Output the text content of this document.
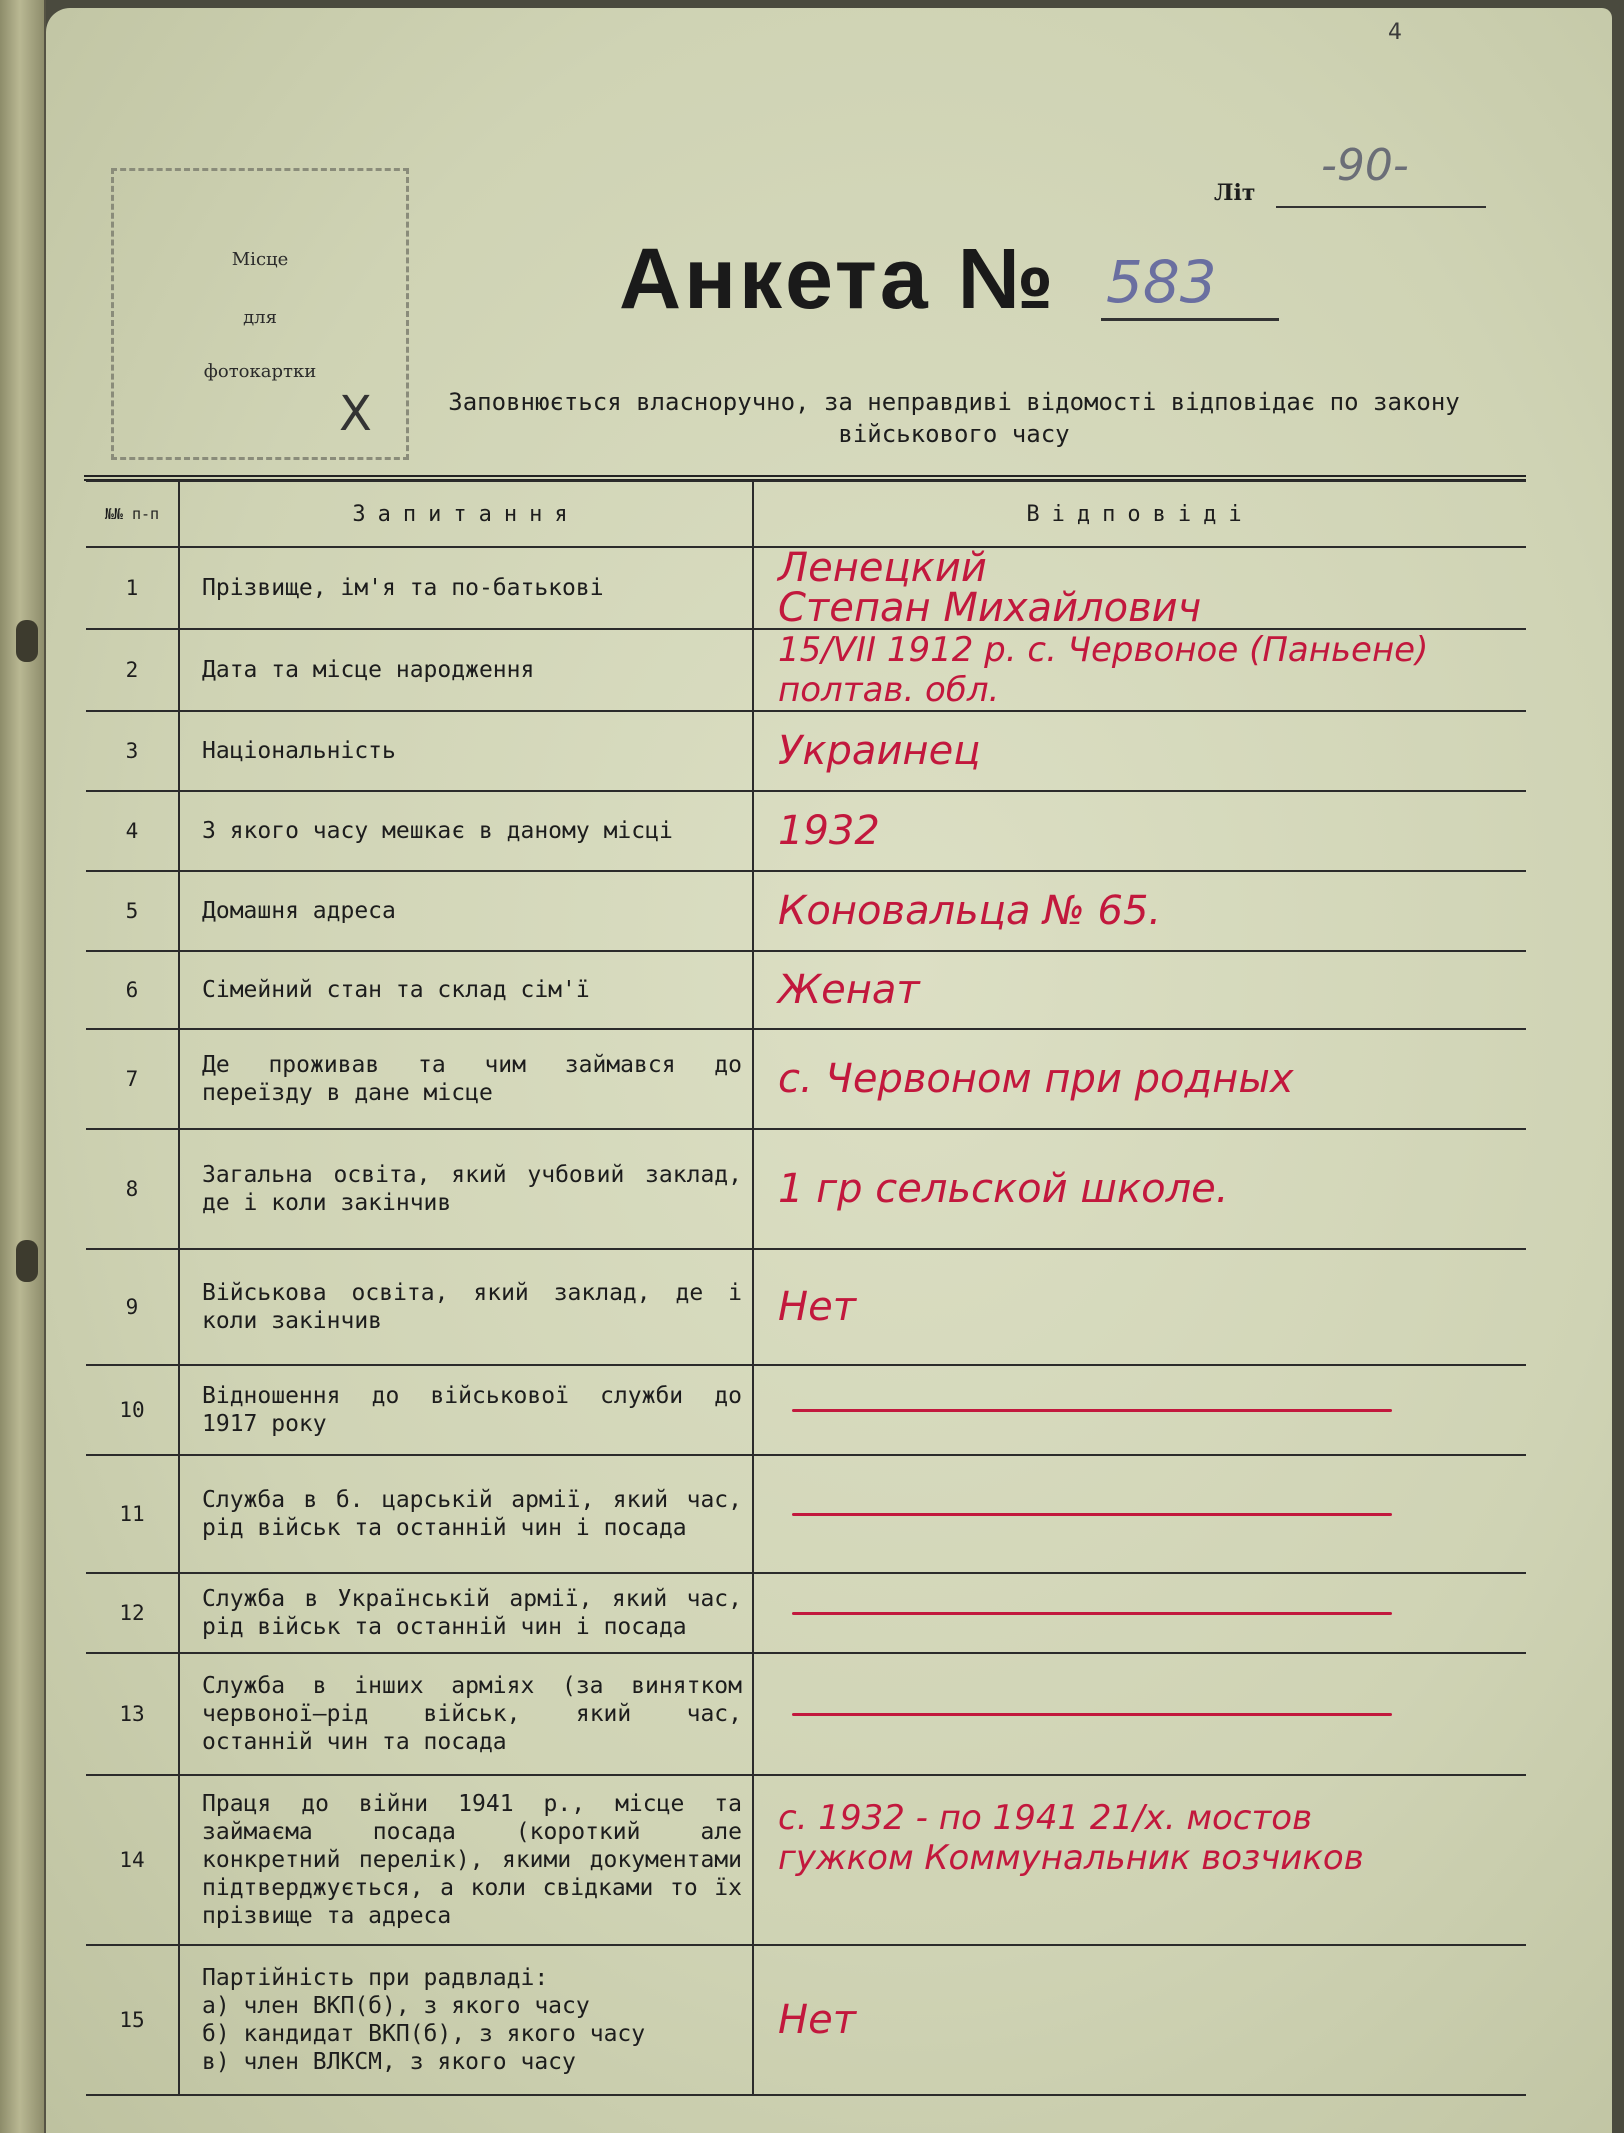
4
Місце
для
фотокартки
X
Літ
-90-
Анкета № 583
Заповнюється власноручно, за неправдиві відомості відповідає по закону
військового часу
№№ п-п	Запитання	Відповіді
1	Прізвище, ім'я та по-батькові	Ленецкий
Степан Михайлович
2	Дата та місце народження	15/VII 1912 р. с. Червоное (Паньене)
полтав. обл.
3	Національність	Украинец
4	З якого часу мешкає в даному місці	1932
5	Домашня адреса	Коновальца № 65.
6	Сімейний стан та склад сім'ї	Женат
7	Де проживав та чим займався до переїзду в дане місце	с. Червоном при родных
8	Загальна освіта, який учбовий заклад, де і коли закінчив	1 гр сельской школе.
9	Військова освіта, який заклад, де і коли закінчив	Нет
10	Відношення до військової служби до 1917 року	

11	Служба в б. царській армії, який час, рід військ та останній чин і посада	

12	Служба в Українській армії, який час, рід військ та останній чин і посада	

13	Служба в інших арміях (за винятком червоної—рід військ, який час, останній чин та посада	

14	Праця до війни 1941 р., місце та займаєма посада (короткий але конкретний перелік), якими документами підтверджується, а коли свідками то їх прізвище та адреса	с. 1932 - по 1941 21/х. мостов
гужком Коммунальник возчиков
15	Партійність при радвладі:
а) член ВКП(б), з якого часу
б) кандидат ВКП(б), з якого часу
в) член ВЛКСМ, з якого часу	Нет
